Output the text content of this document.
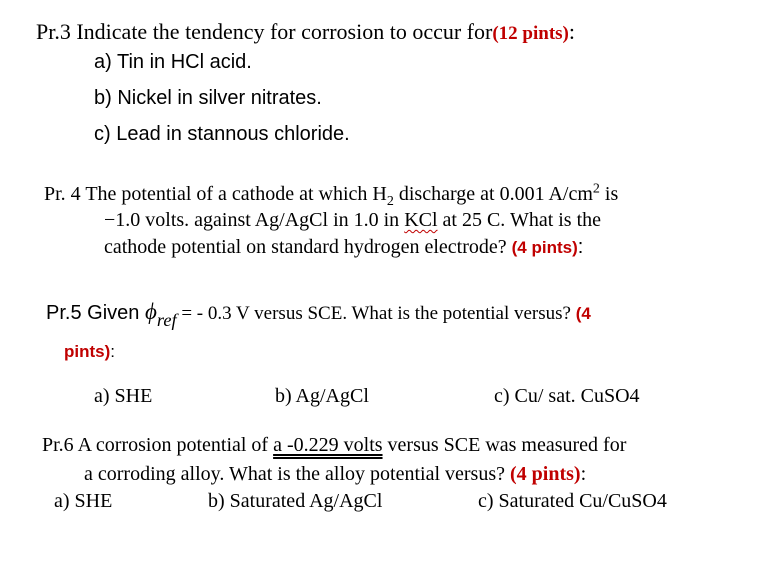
Pr.3 Indicate the tendency for corrosion to occur for(12 pints):
a) Tin in HCl acid.
b) Nickel in silver nitrates.
c) Lead in stannous chloride.
Pr. 4 The potential of a cathode at which $H_2$ discharge at 0.001 $A/cm^2$ is
−1.0 volts. against Ag/AgCl in 1.0 in KCl at 25 C. What is the
cathode potential on standard hydrogen electrode? (4 pints):
Pr.5 Given $\phi_{ref}$ = - 0.3 V versus SCE. What is the potential versus? (4
pints):
a) SHE	b) Ag/AgCl	c) Cu/ sat. CuSO4
Pr.6 A corrosion potential of a -0.229 volts versus SCE was measured for
a corroding alloy. What is the alloy potential versus? (4 pints):
a) SHE	b) Saturated Ag/AgCl	c) Saturated Cu/CuSO4
